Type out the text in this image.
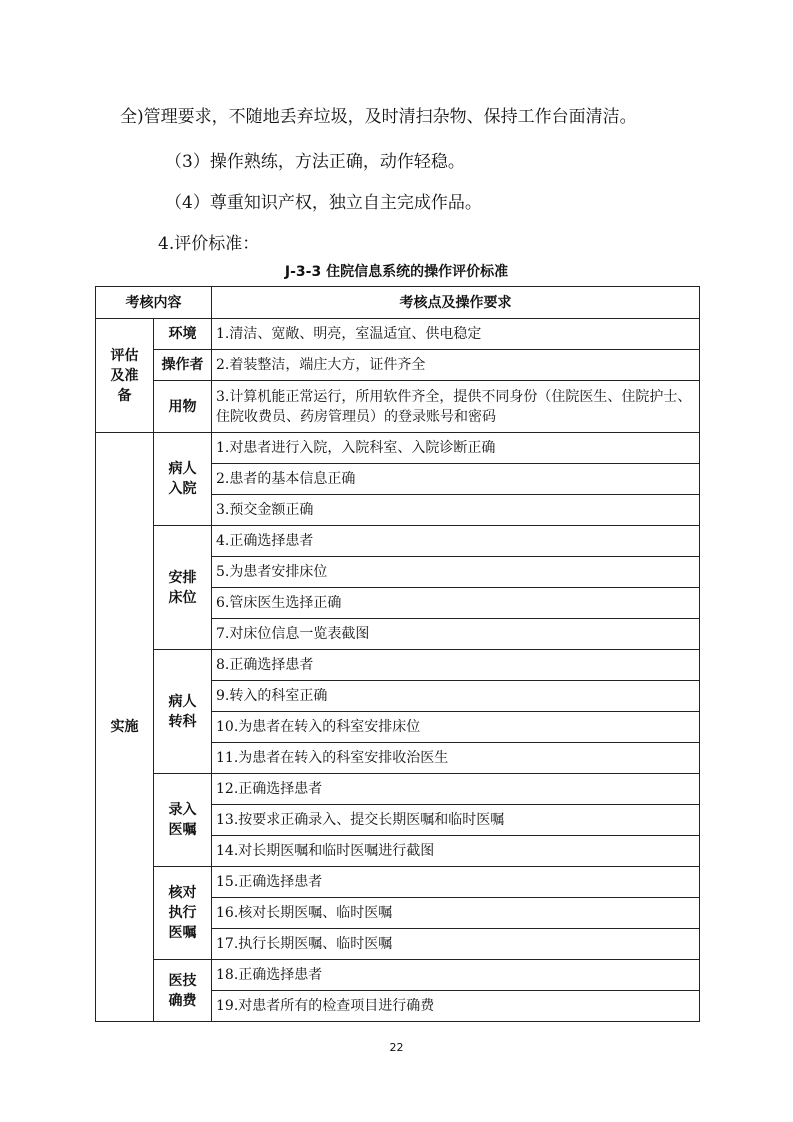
全)管理要求，不随地丢弃垃圾，及时清扫杂物、保持工作台面清洁。
（3）操作熟练，方法正确，动作轻稳。
（4）尊重知识产权，独立自主完成作品。
4.评价标准：
J-3-3 住院信息系统的操作评价标准
考核内容		考核点及操作要求

评估及准备	环境	1.清洁、宽敞、明亮，室温适宜、供电稳定
	操作者	2.着装整洁，端庄大方，证件齐全
	用物	3.计算机能正常运行，所用软件齐全，提供不同身份（住院医生、住院护士、住院收费员、药房管理员）的登录账号和密码
实施	病人入院	1.对患者进行入院，入院科室、入院诊断正确
		2.患者的基本信息正确
		3.预交金额正确

	安排床位	4.正确选择患者
		5.为患者安排床位
		6.管床医生选择正确
		7.对床位信息一览表截图

	病人转科	8.正确选择患者
		9.转入的科室正确
		10.为患者在转入的科室安排床位
		11.为患者在转入的科室安排收治医生

	录入医嘱	12.正确选择患者
		13.按要求正确录入、提交长期医嘱和临时医嘱
		14.对长期医嘱和临时医嘱进行截图

	核对执行医嘱	15.正确选择患者
		16.核对长期医嘱、临时医嘱
		17.执行长期医嘱、临时医嘱

	医技确费	18.正确选择患者
		19.对患者所有的检查项目进行确费
22
